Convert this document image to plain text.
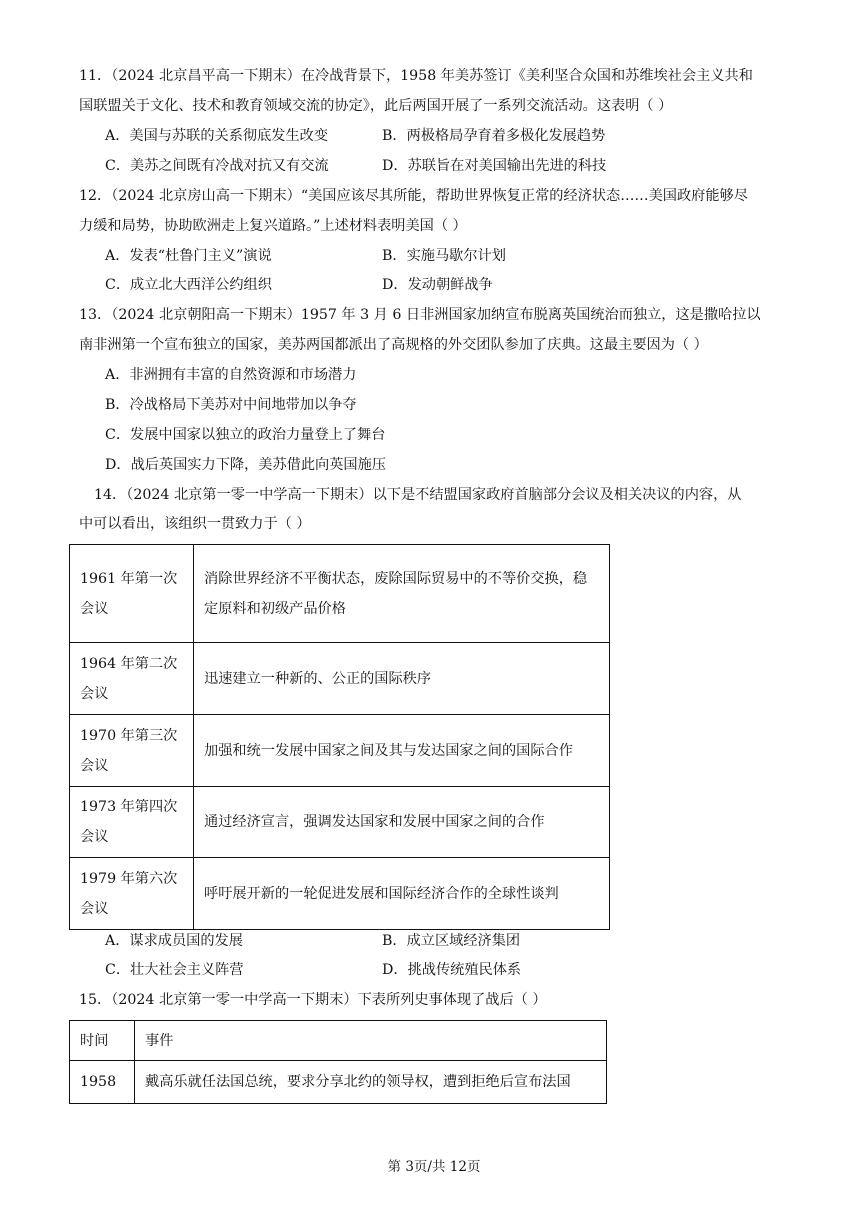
11．（2024 北京昌平高一下期末）在冷战背景下，1958 年美苏签订《美利坚合众国和苏维埃社会主义共和
国联盟关于文化、技术和教育领域交流的协定》，此后两国开展了一系列交流活动。这表明（ ）
A．美国与苏联的关系彻底发生改变	B．两极格局孕育着多极化发展趋势
C．美苏之间既有冷战对抗又有交流	D．苏联旨在对美国输出先进的科技
12．（2024 北京房山高一下期末）“美国应该尽其所能，帮助世界恢复正常的经济状态……美国政府能够尽
力缓和局势，协助欧洲走上复兴道路。”上述材料表明美国（ ）
A．发表“杜鲁门主义”演说	B．实施马歇尔计划
C．成立北大西洋公约组织	D．发动朝鲜战争
13．（2024 北京朝阳高一下期末）1957 年 3 月 6 日非洲国家加纳宣布脱离英国统治而独立，这是撒哈拉以
南非洲第一个宣布独立的国家，美苏两国都派出了高规格的外交团队参加了庆典。这最主要因为（ ）
A．非洲拥有丰富的自然资源和市场潜力
B．冷战格局下美苏对中间地带加以争夺
C．发展中国家以独立的政治力量登上了舞台
D．战后英国实力下降，美苏借此向英国施压
14．（2024 北京第一零一中学高一下期末）以下是不结盟国家政府首脑部分会议及相关决议的内容，从
中可以看出，该组织一贯致力于（ ）
1961 年第一次会议	消除世界经济不平衡状态，废除国际贸易中的不等价交换，稳定原料和初级产品价格
1964 年第二次会议	迅速建立一种新的、公正的国际秩序
1970 年第三次会议	加强和统一发展中国家之间及其与发达国家之间的国际合作
1973 年第四次会议	通过经济宣言，强调发达国家和发展中国家之间的合作
1979 年第六次会议	呼吁展开新的一轮促进发展和国际经济合作的全球性谈判
A．谋求成员国的发展	B．成立区域经济集团
C．壮大社会主义阵营	D．挑战传统殖民体系
15．（2024 北京第一零一中学高一下期末）下表所列史事体现了战后（ ）
时间	事件
1958	戴高乐就任法国总统，要求分享北约的领导权，遭到拒绝后宣布法国
第 3页/共 12页
